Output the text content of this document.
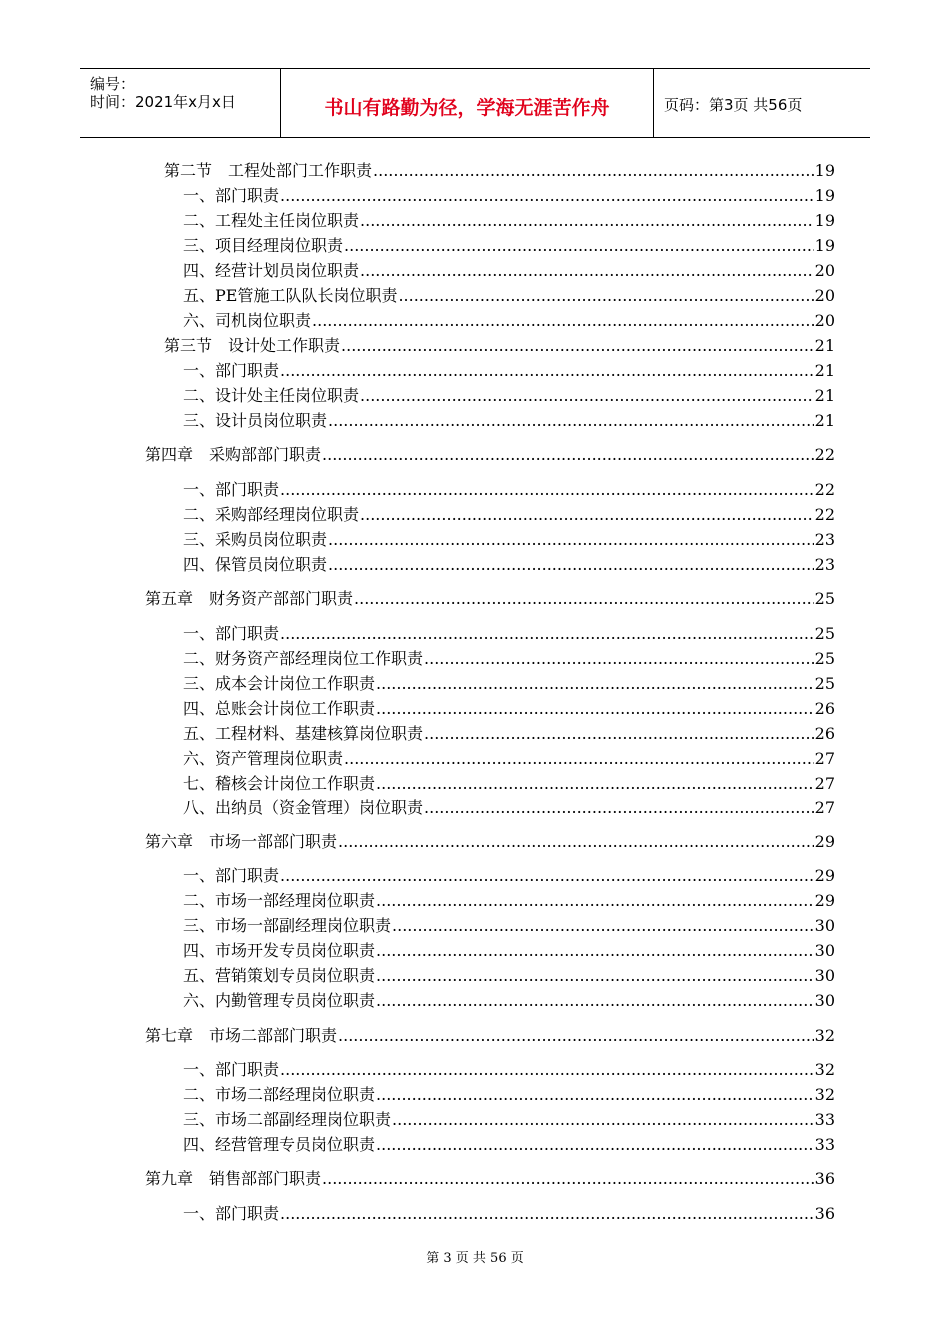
编号：
时间：2021年x月x日	书山有路勤为径，学海无涯苦作舟	页码：第3页 共56页
第二节　工程处部门工作职责 .....	19
一、部门职责 .....	19
二、工程处主任岗位职责 .....	19
三、项目经理岗位职责 .....	19
四、经营计划员岗位职责 .....	20
五、PE管施工队队长岗位职责 .....	20
六、司机岗位职责 .....	20
第三节　设计处工作职责 .....	21
一、部门职责 .....	21
二、设计处主任岗位职责 .....	21
三、设计员岗位职责 .....	21
第四章　采购部部门职责 .....	22
一、部门职责 .....	22
二、采购部经理岗位职责 .....	22
三、采购员岗位职责 .....	23
四、保管员岗位职责 .....	23
第五章　财务资产部部门职责 .....	25
一、部门职责 .....	25
二、财务资产部经理岗位工作职责 .....	25
三、成本会计岗位工作职责 .....	25
四、总账会计岗位工作职责 .....	26
五、工程材料、基建核算岗位职责 .....	26
六、资产管理岗位职责 .....	27
七、稽核会计岗位工作职责 .....	27
八、出纳员（资金管理）岗位职责 .....	27
第六章　市场一部部门职责 .....	29
一、部门职责 .....	29
二、市场一部经理岗位职责 .....	29
三、市场一部副经理岗位职责 .....	30
四、市场开发专员岗位职责 .....	30
五、营销策划专员岗位职责 .....	30
六、内勤管理专员岗位职责 .....	30
第七章　市场二部部门职责 .....	32
一、部门职责 .....	32
二、市场二部经理岗位职责 .....	32
三、市场二部副经理岗位职责 .....	33
四、经营管理专员岗位职责 .....	33
第九章　销售部部门职责 .....	36
一、部门职责 .....	36
第 3 页 共 56 页
